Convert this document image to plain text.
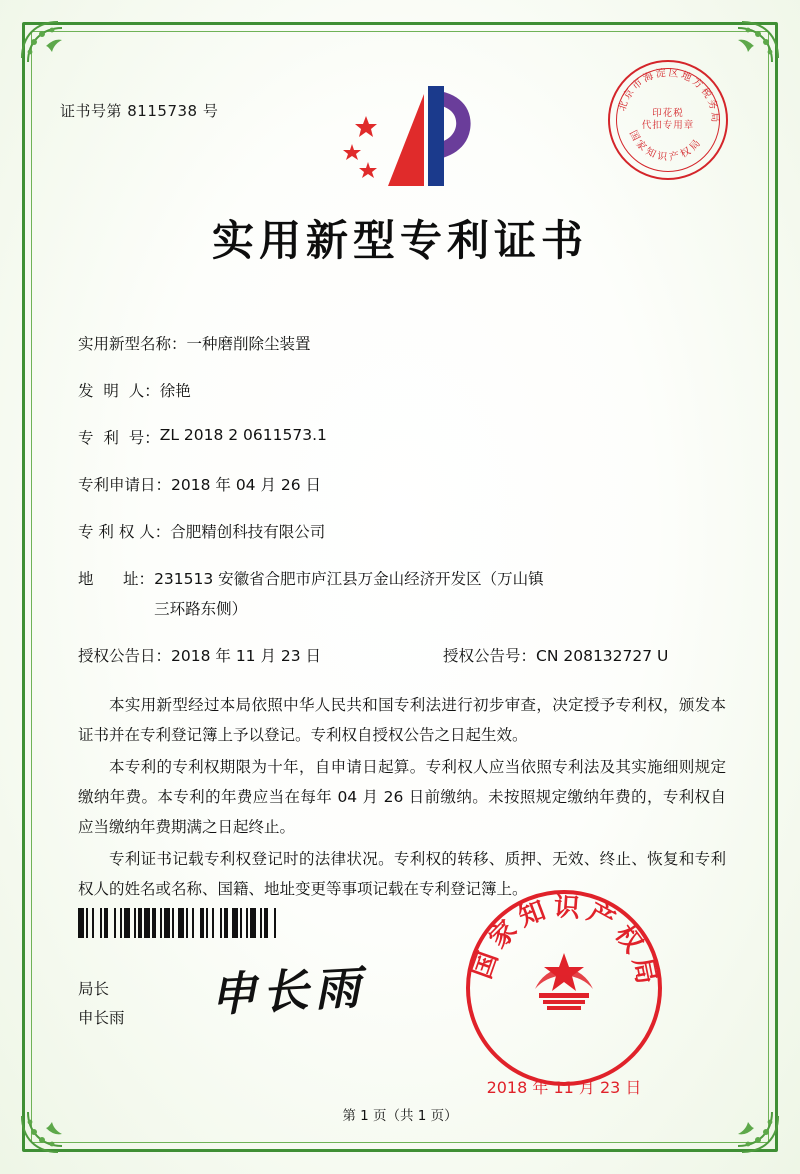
证书号第 8115738 号	北京市海淀区地方税务局
国家知识产权局
印花税
代扣专用章
实用新型专利证书
实用新型名称： 一种磨削除尘装置
发  明  人： 徐艳
专  利  号： ZL 2018 2 0611573.1
专利申请日： 2018 年 04 月 26 日
专 利 权 人： 合肥精创科技有限公司
地      址： 231513 安徽省合肥市庐江县万金山经济开发区（万山镇
三环路东侧）
授权公告日：2018 年 11 月 23 日	授权公告号：CN 208132727 U

本实用新型经过本局依照中华人民共和国专利法进行初步审查，决定授予专利权，颁发本证书并在专利登记簿上予以登记。专利权自授权公告之日起生效。

本专利的专利权期限为十年，自申请日起算。专利权人应当依照专利法及其实施细则规定缴纳年费。本专利的年费应当在每年 04 月 26 日前缴纳。未按照规定缴纳年费的，专利权自应当缴纳年费期满之日起终止。

专利证书记载专利权登记时的法律状况。专利权的转移、质押、无效、终止、恢复和专利权人的姓名或名称、国籍、地址变更等事项记载在专利登记簿上。

申长雨
局长
申长雨
国家知识产权局
2018 年 11 月 23 日
第 1 页（共 1 页）
